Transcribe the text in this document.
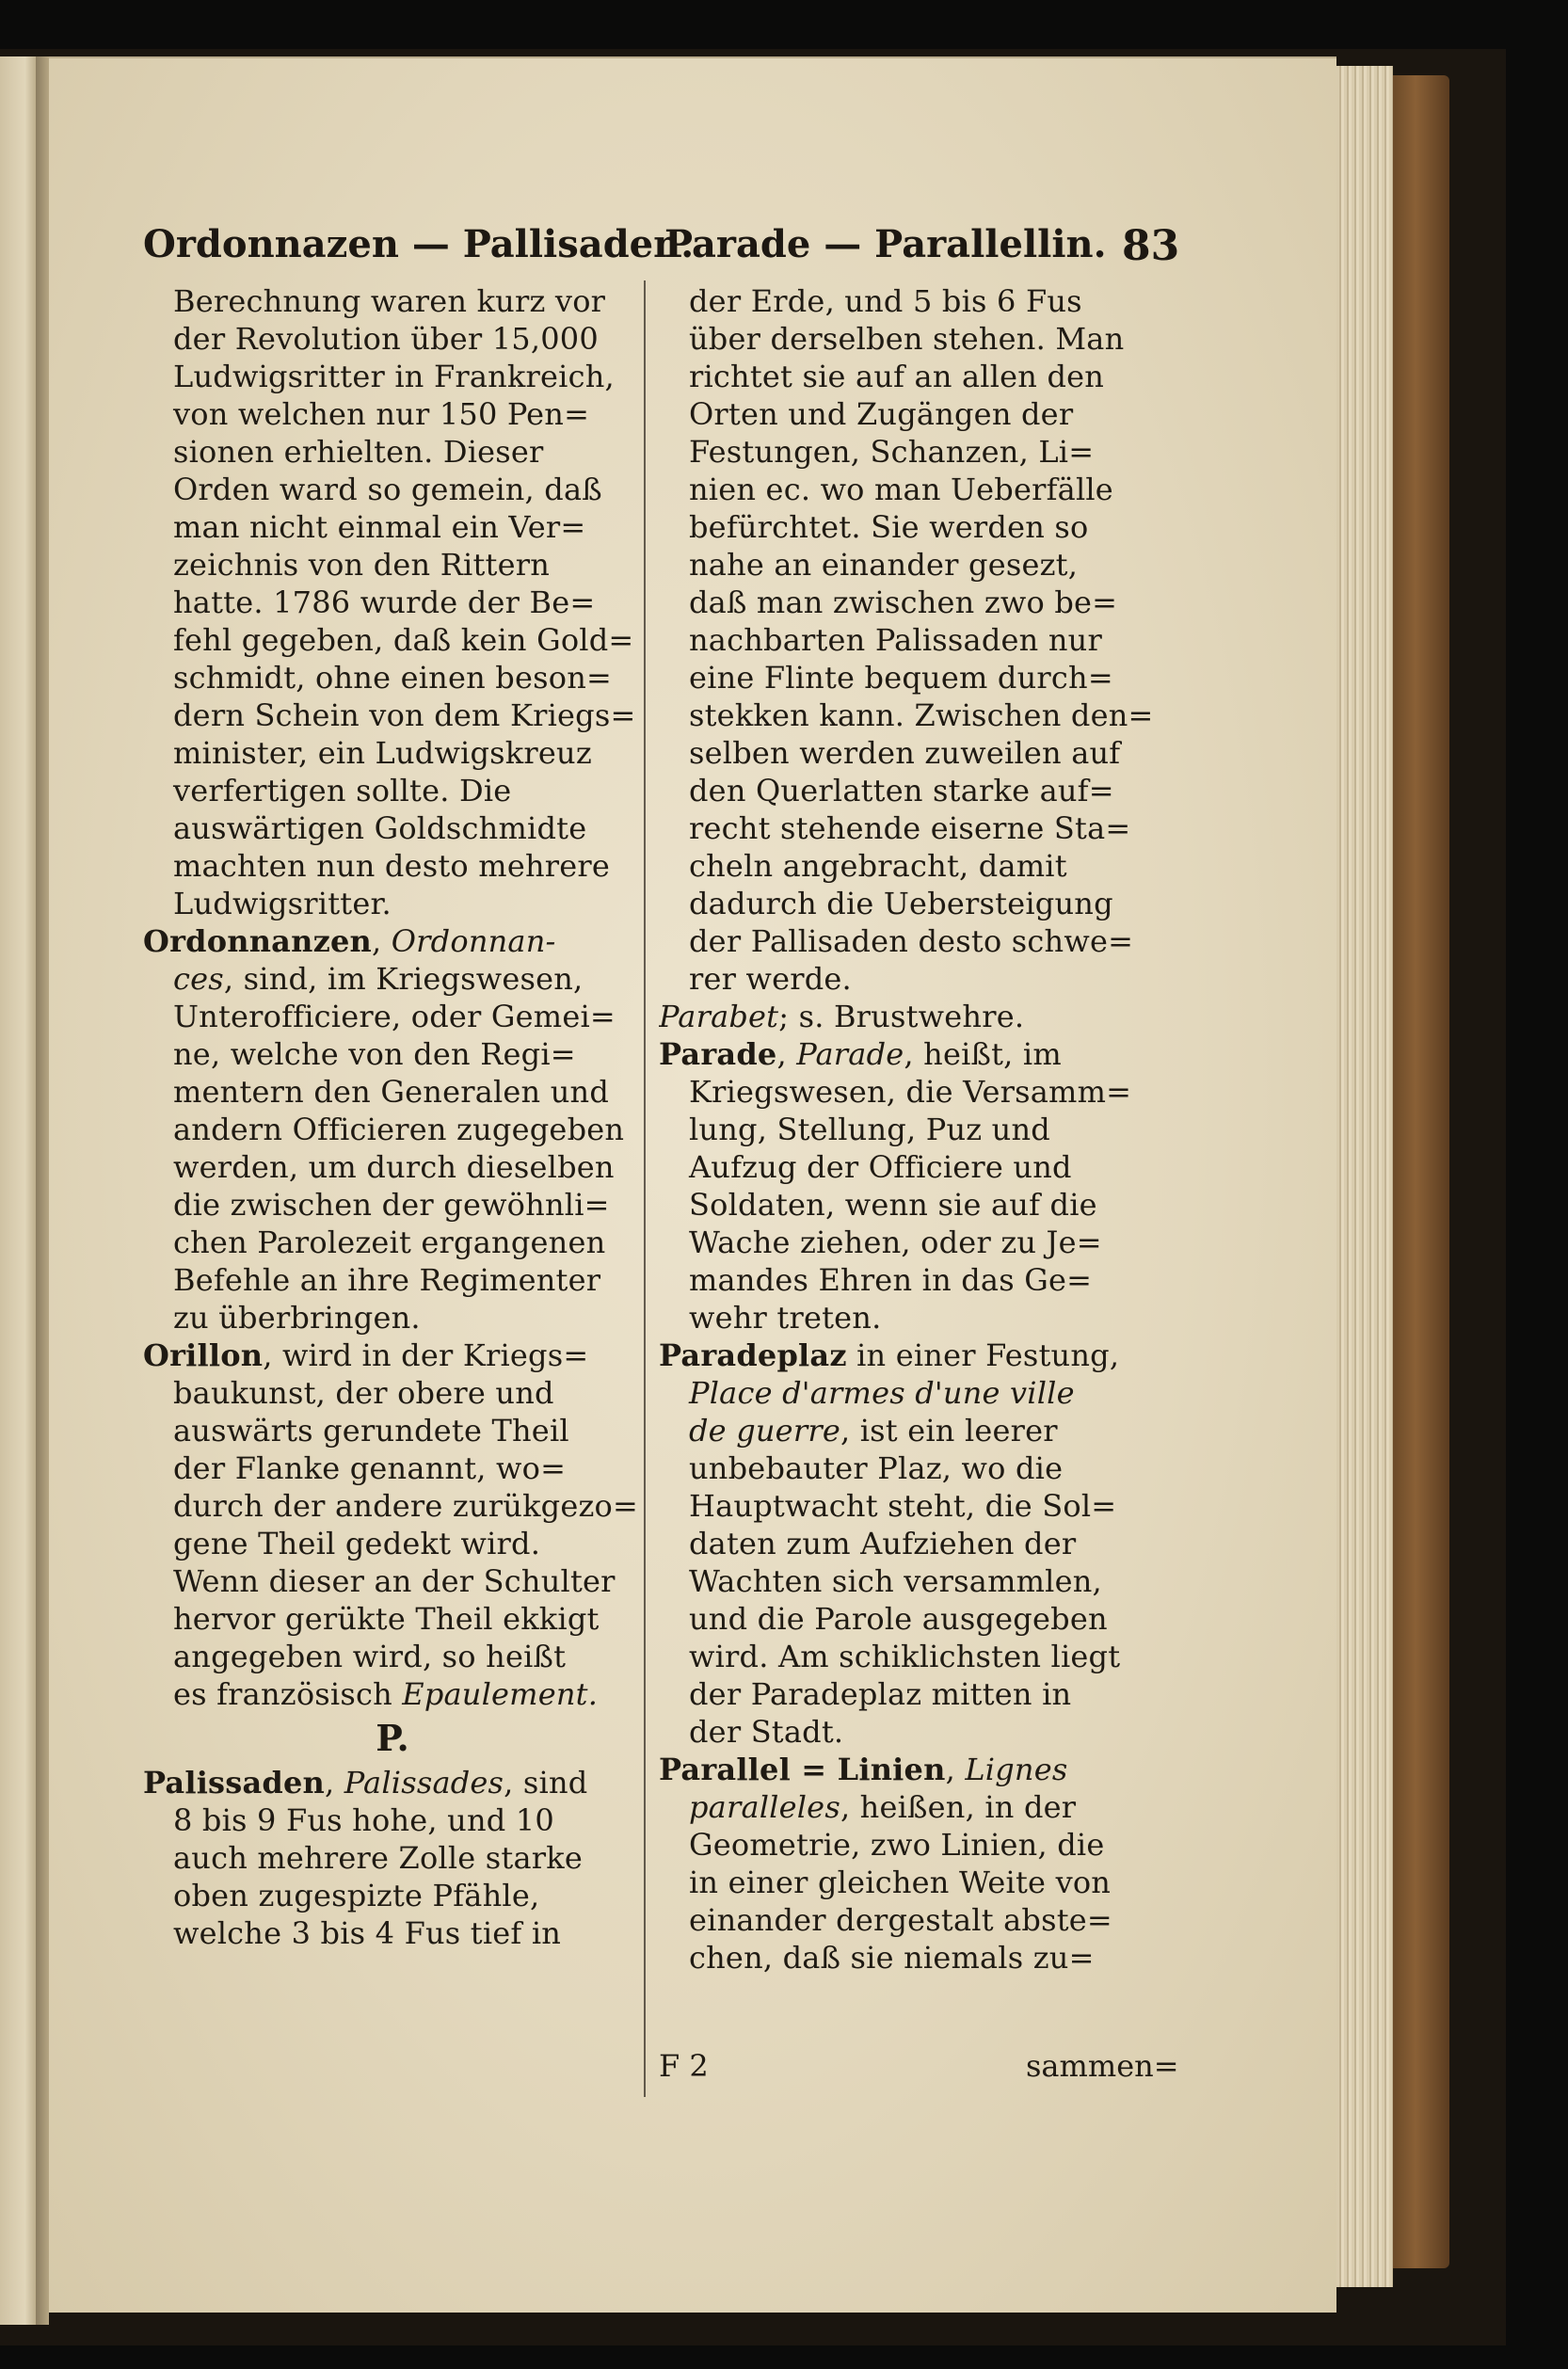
Ordonnazen — Pallisaden.
Parade — Parallellin. 83
Berechnung waren kurz vor
der Revolution über 15,000
Ludwigsritter in Frankreich,
von welchen nur 150 Pen=
sionen erhielten. Dieser
Orden ward so gemein, daß
man nicht einmal ein Ver=
zeichnis von den Rittern
hatte. 1786 wurde der Be=
fehl gegeben, daß kein Gold=
schmidt, ohne einen beson=
dern Schein von dem Kriegs=
minister, ein Ludwigskreuz
verfertigen sollte. Die
auswärtigen Goldschmidte
machten nun desto mehrere
Ludwigsritter.
Ordonnanzen, Ordonnan-
ces, sind, im Kriegswesen,
Unterofficiere, oder Gemei=
ne, welche von den Regi=
mentern den Generalen und
andern Officieren zugegeben
werden, um durch dieselben
die zwischen der gewöhnli=
chen Parolezeit ergangenen
Befehle an ihre Regimenter
zu überbringen.
Orillon, wird in der Kriegs=
baukunst, der obere und
auswärts gerundete Theil
der Flanke genannt, wo=
durch der andere zurükgezo=
gene Theil gedekt wird.
Wenn dieser an der Schulter
hervor gerükte Theil ekkigt
angegeben wird, so heißt
es französisch Epaulement.
P.
Palissaden, Palissades, sind
8 bis 9 Fus hohe, und 10
auch mehrere Zolle starke
oben zugespizte Pfähle,
welche 3 bis 4 Fus tief in
der Erde, und 5 bis 6 Fus
über derselben stehen. Man
richtet sie auf an allen den
Orten und Zugängen der
Festungen, Schanzen, Li=
nien ec. wo man Ueberfälle
befürchtet. Sie werden so
nahe an einander gesezt,
daß man zwischen zwo be=
nachbarten Palissaden nur
eine Flinte bequem durch=
stekken kann. Zwischen den=
selben werden zuweilen auf
den Querlatten starke auf=
recht stehende eiserne Sta=
cheln angebracht, damit
dadurch die Uebersteigung
der Pallisaden desto schwe=
rer werde.
Parabet; s. Brustwehre.
Parade, Parade, heißt, im
Kriegswesen, die Versamm=
lung, Stellung, Puz und
Aufzug der Officiere und
Soldaten, wenn sie auf die
Wache ziehen, oder zu Je=
mandes Ehren in das Ge=
wehr treten.
Paradeplaz in einer Festung,
Place d'armes d'une ville
de guerre, ist ein leerer
unbebauter Plaz, wo die
Hauptwacht steht, die Sol=
daten zum Aufziehen der
Wachten sich versammlen,
und die Parole ausgegeben
wird. Am schiklichsten liegt
der Paradeplaz mitten in
der Stadt.
Parallel = Linien, Lignes
paralleles, heißen, in der
Geometrie, zwo Linien, die
in einer gleichen Weite von
einander dergestalt abste=
chen, daß sie niemals zu=
F 2	sammen=
